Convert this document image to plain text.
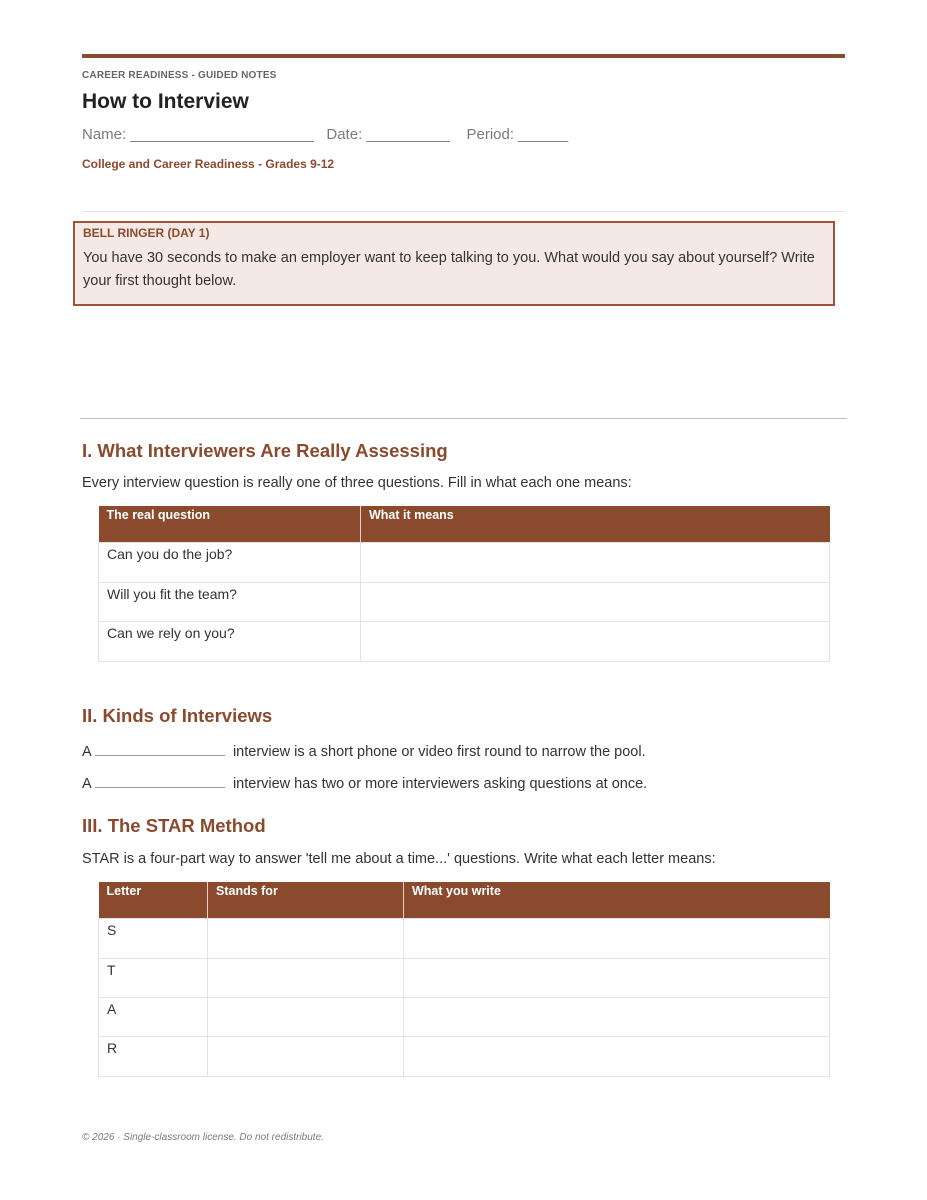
CAREER READINESS - GUIDED NOTES
How to Interview
Name: ______________________   Date: __________    Period: ______
College and Career Readiness - Grades 9-12
BELL RINGER (DAY 1)
You have 30 seconds to make an employer want to keep talking to you. What would you say about yourself? Write your first thought below.
I. What Interviewers Are Really Assessing
Every interview question is really one of three questions. Fill in what each one means:
The real question	What it means
Can you do the job?	
Will you fit the team?	
Can we rely on you?	
II. Kinds of Interviews
A	interview is a short phone or video first round to narrow the pool.
A	interview has two or more interviewers asking questions at once.
III. The STAR Method
STAR is a four-part way to answer 'tell me about a time...' questions. Write what each letter means:
Letter	Stands for	What you write
S		
T		
A		
R		
© 2026 · Single-classroom license. Do not redistribute.
